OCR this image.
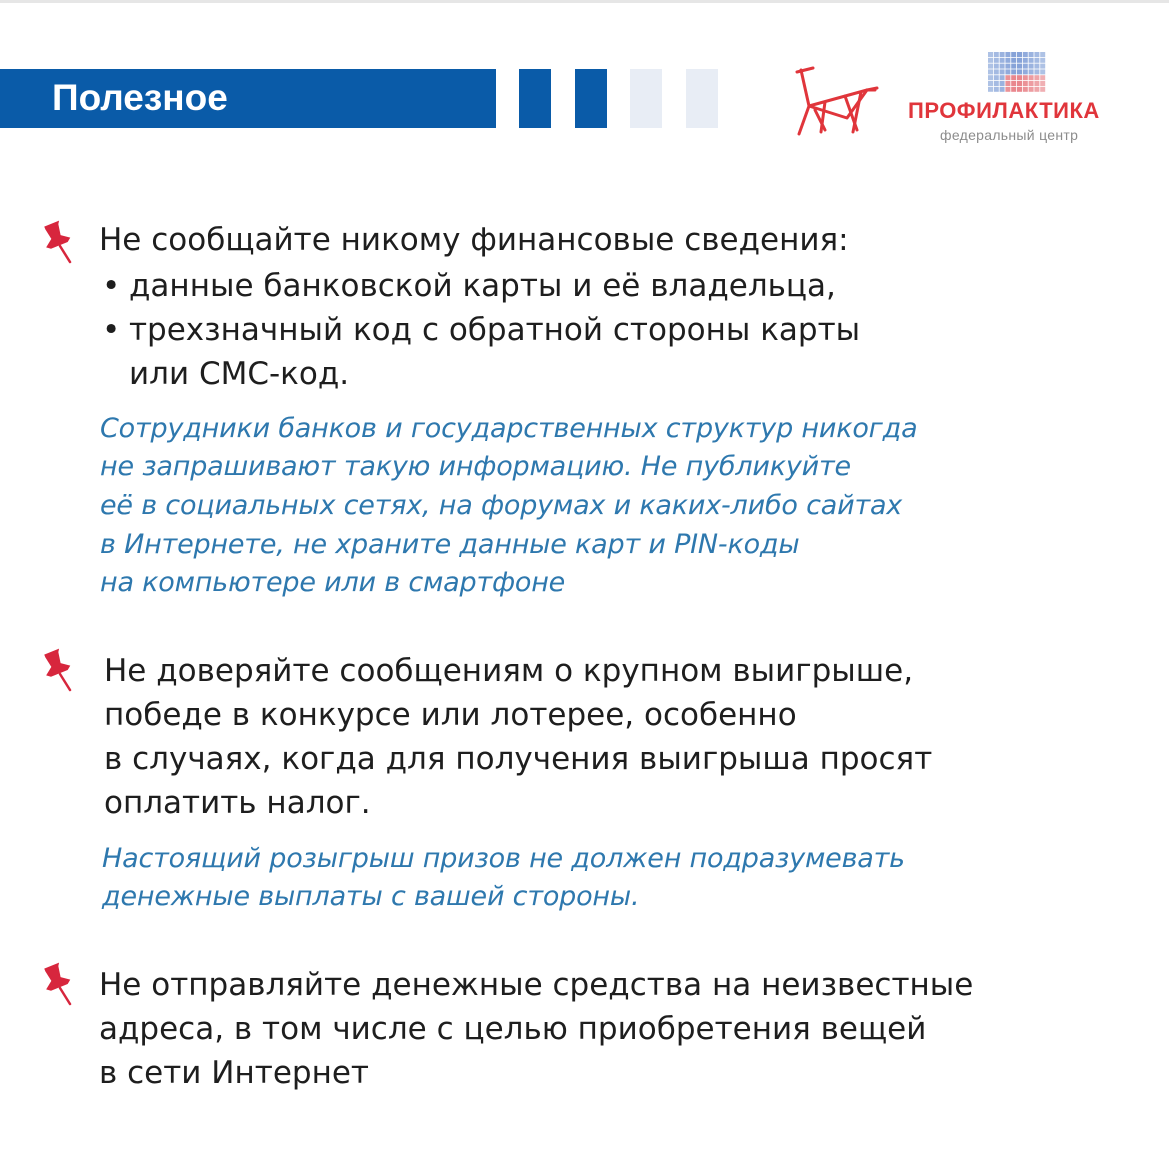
Полезное	ПРОФИЛАКТИКА
федеральный центр
Не сообщайте никому финансовые сведения:
• данные банковской карты и её владельца,
• трехзначный код с обратной стороны карты
или СМС-код.
Сотрудники банков и государственных структур никогда
не запрашивают такую информацию. Не публикуйте
её в социальных сетях, на форумах и каких-либо сайтах
в Интернете, не храните данные карт и PIN-коды
на компьютере или в смартфоне
Не доверяйте сообщениям о крупном выигрыше,
победе в конкурсе или лотерее, особенно
в случаях, когда для получения выигрыша просят
оплатить налог.
Настоящий розыгрыш призов не должен подразумевать
денежные выплаты с вашей стороны.
Не отправляйте денежные средства на неизвестные
адреса, в том числе с целью приобретения вещей
в сети Интернет
